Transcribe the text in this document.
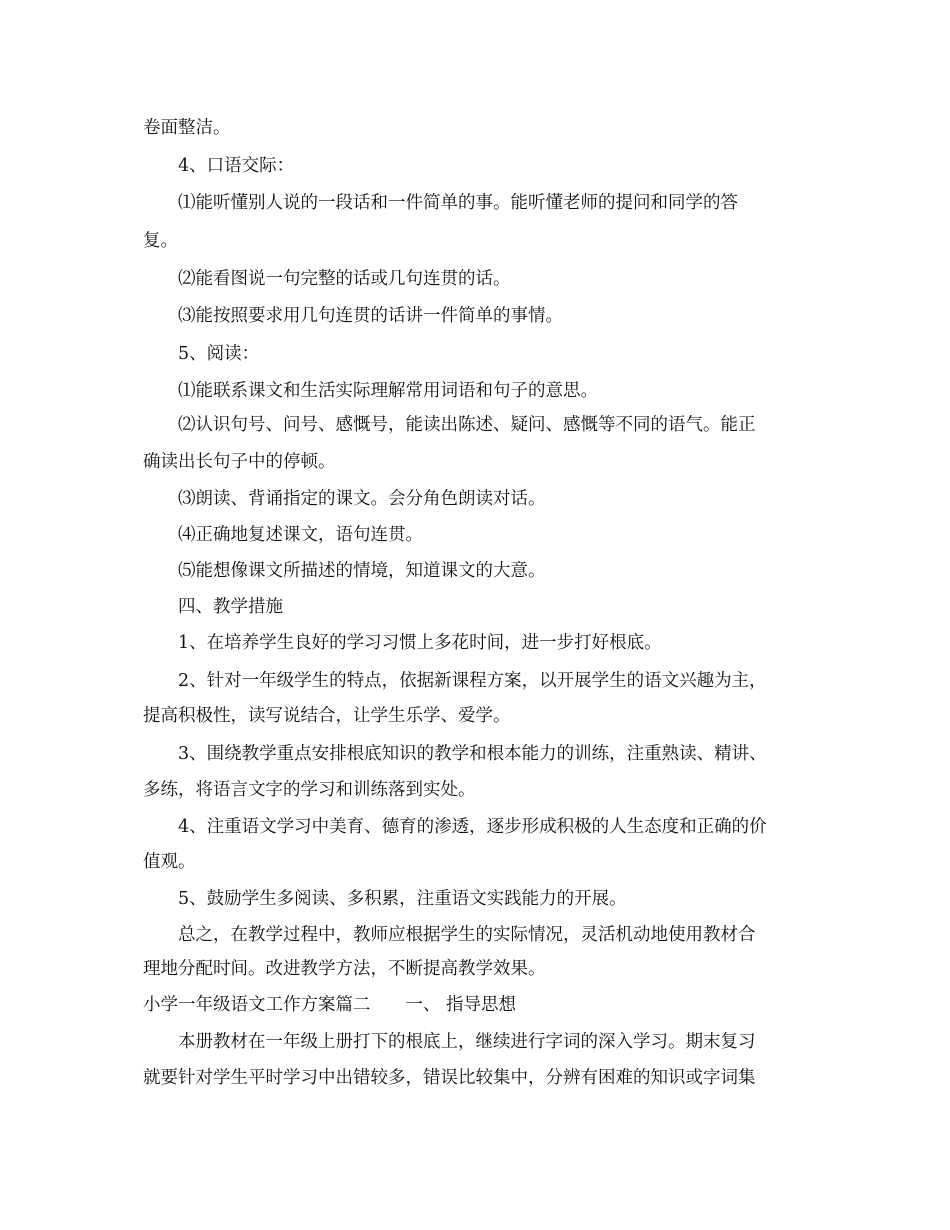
卷面整洁。
4、口语交际：
⑴能听懂别人说的一段话和一件简单的事。能听懂老师的提问和同学的答
复。
⑵能看图说一句完整的话或几句连贯的话。
⑶能按照要求用几句连贯的话讲一件简单的事情。
5、阅读：
⑴能联系课文和生活实际理解常用词语和句子的意思。
⑵认识句号、问号、感慨号，能读出陈述、疑问、感慨等不同的语气。能正
确读出长句子中的停顿。
⑶朗读、背诵指定的课文。会分角色朗读对话。
⑷正确地复述课文，语句连贯。
⑸能想像课文所描述的情境，知道课文的大意。
四、教学措施
1、在培养学生良好的学习习惯上多花时间，进一步打好根底。
2、针对一年级学生的特点，依据新课程方案，以开展学生的语文兴趣为主，
提高积极性，读写说结合，让学生乐学、爱学。
3、围绕教学重点安排根底知识的教学和根本能力的训练，注重熟读、精讲、
多练，将语言文字的学习和训练落到实处。
4、注重语文学习中美育、德育的渗透，逐步形成积极的人生态度和正确的价
值观。
5、鼓励学生多阅读、多积累，注重语文实践能力的开展。
总之，在教学过程中，教师应根据学生的实际情况，灵活机动地使用教材合
理地分配时间。改进教学方法，不断提高教学效果。
小学一年级语文工作方案篇二　　一、 指导思想
本册教材在一年级上册打下的根底上，继续进行字词的深入学习。期末复习
就要针对学生平时学习中出错较多，错误比较集中，分辨有困难的知识或字词集
